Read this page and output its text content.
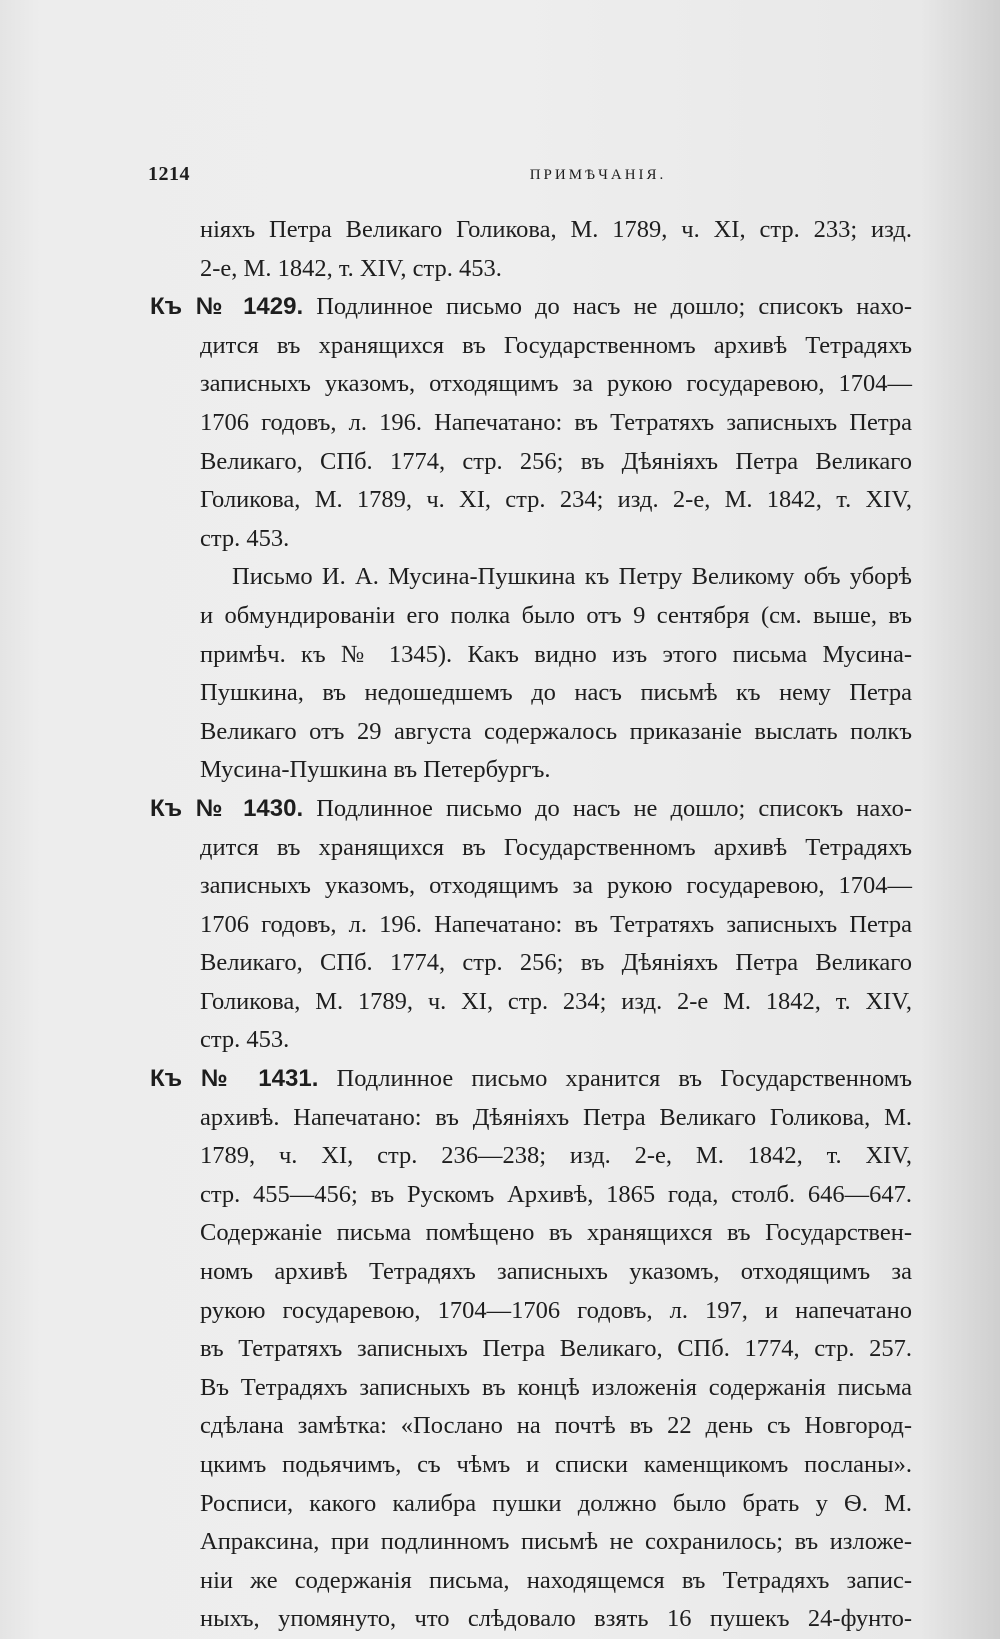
1214	ПРИМѢЧАНІЯ.
ніяхъ Петра Великаго Голикова, М. 1789, ч. XI, стр. 233; изд.
2-е, М. 1842, т. XIV, стр. 453.
Къ № 1429. Подлинное письмо до насъ не дошло; списокъ нахо-
дится въ хранящихся въ Государственномъ архивѣ Тетрадяхъ
записныхъ указомъ, отходящимъ за рукою государевою, 1704—
1706 годовъ, л. 196. Напечатано: въ Тетратяхъ записныхъ Петра
Великаго, СПб. 1774, стр. 256; въ Дѣяніяхъ Петра Великаго
Голикова, М. 1789, ч. XI, стр. 234; изд. 2-е, М. 1842, т. XIV,
стр. 453.
Письмо И. А. Мусина-Пушкина къ Петру Великому объ уборѣ
и обмундированіи его полка было отъ 9 сентября (см. выше, въ
примѣч. къ № 1345). Какъ видно изъ этого письма Мусина-
Пушкина, въ недошедшемъ до насъ письмѣ къ нему Петра
Великаго отъ 29 августа содержалось приказаніе выслать полкъ
Мусина-Пушкина въ Петербургъ.
Къ № 1430. Подлинное письмо до насъ не дошло; списокъ нахо-
дится въ хранящихся въ Государственномъ архивѣ Тетрадяхъ
записныхъ указомъ, отходящимъ за рукою государевою, 1704—
1706 годовъ, л. 196. Напечатано: въ Тетратяхъ записныхъ Петра
Великаго, СПб. 1774, стр. 256; въ Дѣяніяхъ Петра Великаго
Голикова, М. 1789, ч. XI, стр. 234; изд. 2-е М. 1842, т. XIV,
стр. 453.
Къ № 1431. Подлинное письмо хранится въ Государственномъ
архивѣ. Напечатано: въ Дѣяніяхъ Петра Великаго Голикова, М.
1789, ч. XI, стр. 236—238; изд. 2-е, М. 1842, т. XIV,
стр. 455—456; въ Рускомъ Архивѣ, 1865 года, столб. 646—647.
Содержаніе письма помѣщено въ хранящихся въ Государствен-
номъ архивѣ Тетрадяхъ записныхъ указомъ, отходящимъ за
рукою государевою, 1704—1706 годовъ, л. 197, и напечатано
въ Тетратяхъ записныхъ Петра Великаго, СПб. 1774, стр. 257.
Въ Тетрадяхъ записныхъ въ концѣ изложенія содержанія письма
сдѣлана замѣтка: «Послано на почтѣ въ 22 день съ Новгород-
цкимъ подьячимъ, съ чѣмъ и списки каменщикомъ посланы».
Росписи, какого калибра пушки должно было брать у Ѳ. М.
Апраксина, при подлинномъ письмѣ не сохранилось; въ изложе-
ніи же содержанія письма, находящемся въ Тетрадяхъ запис-
ныхъ, упомянуто, что слѣдовало взять 16 пушекъ 24-фунто-
